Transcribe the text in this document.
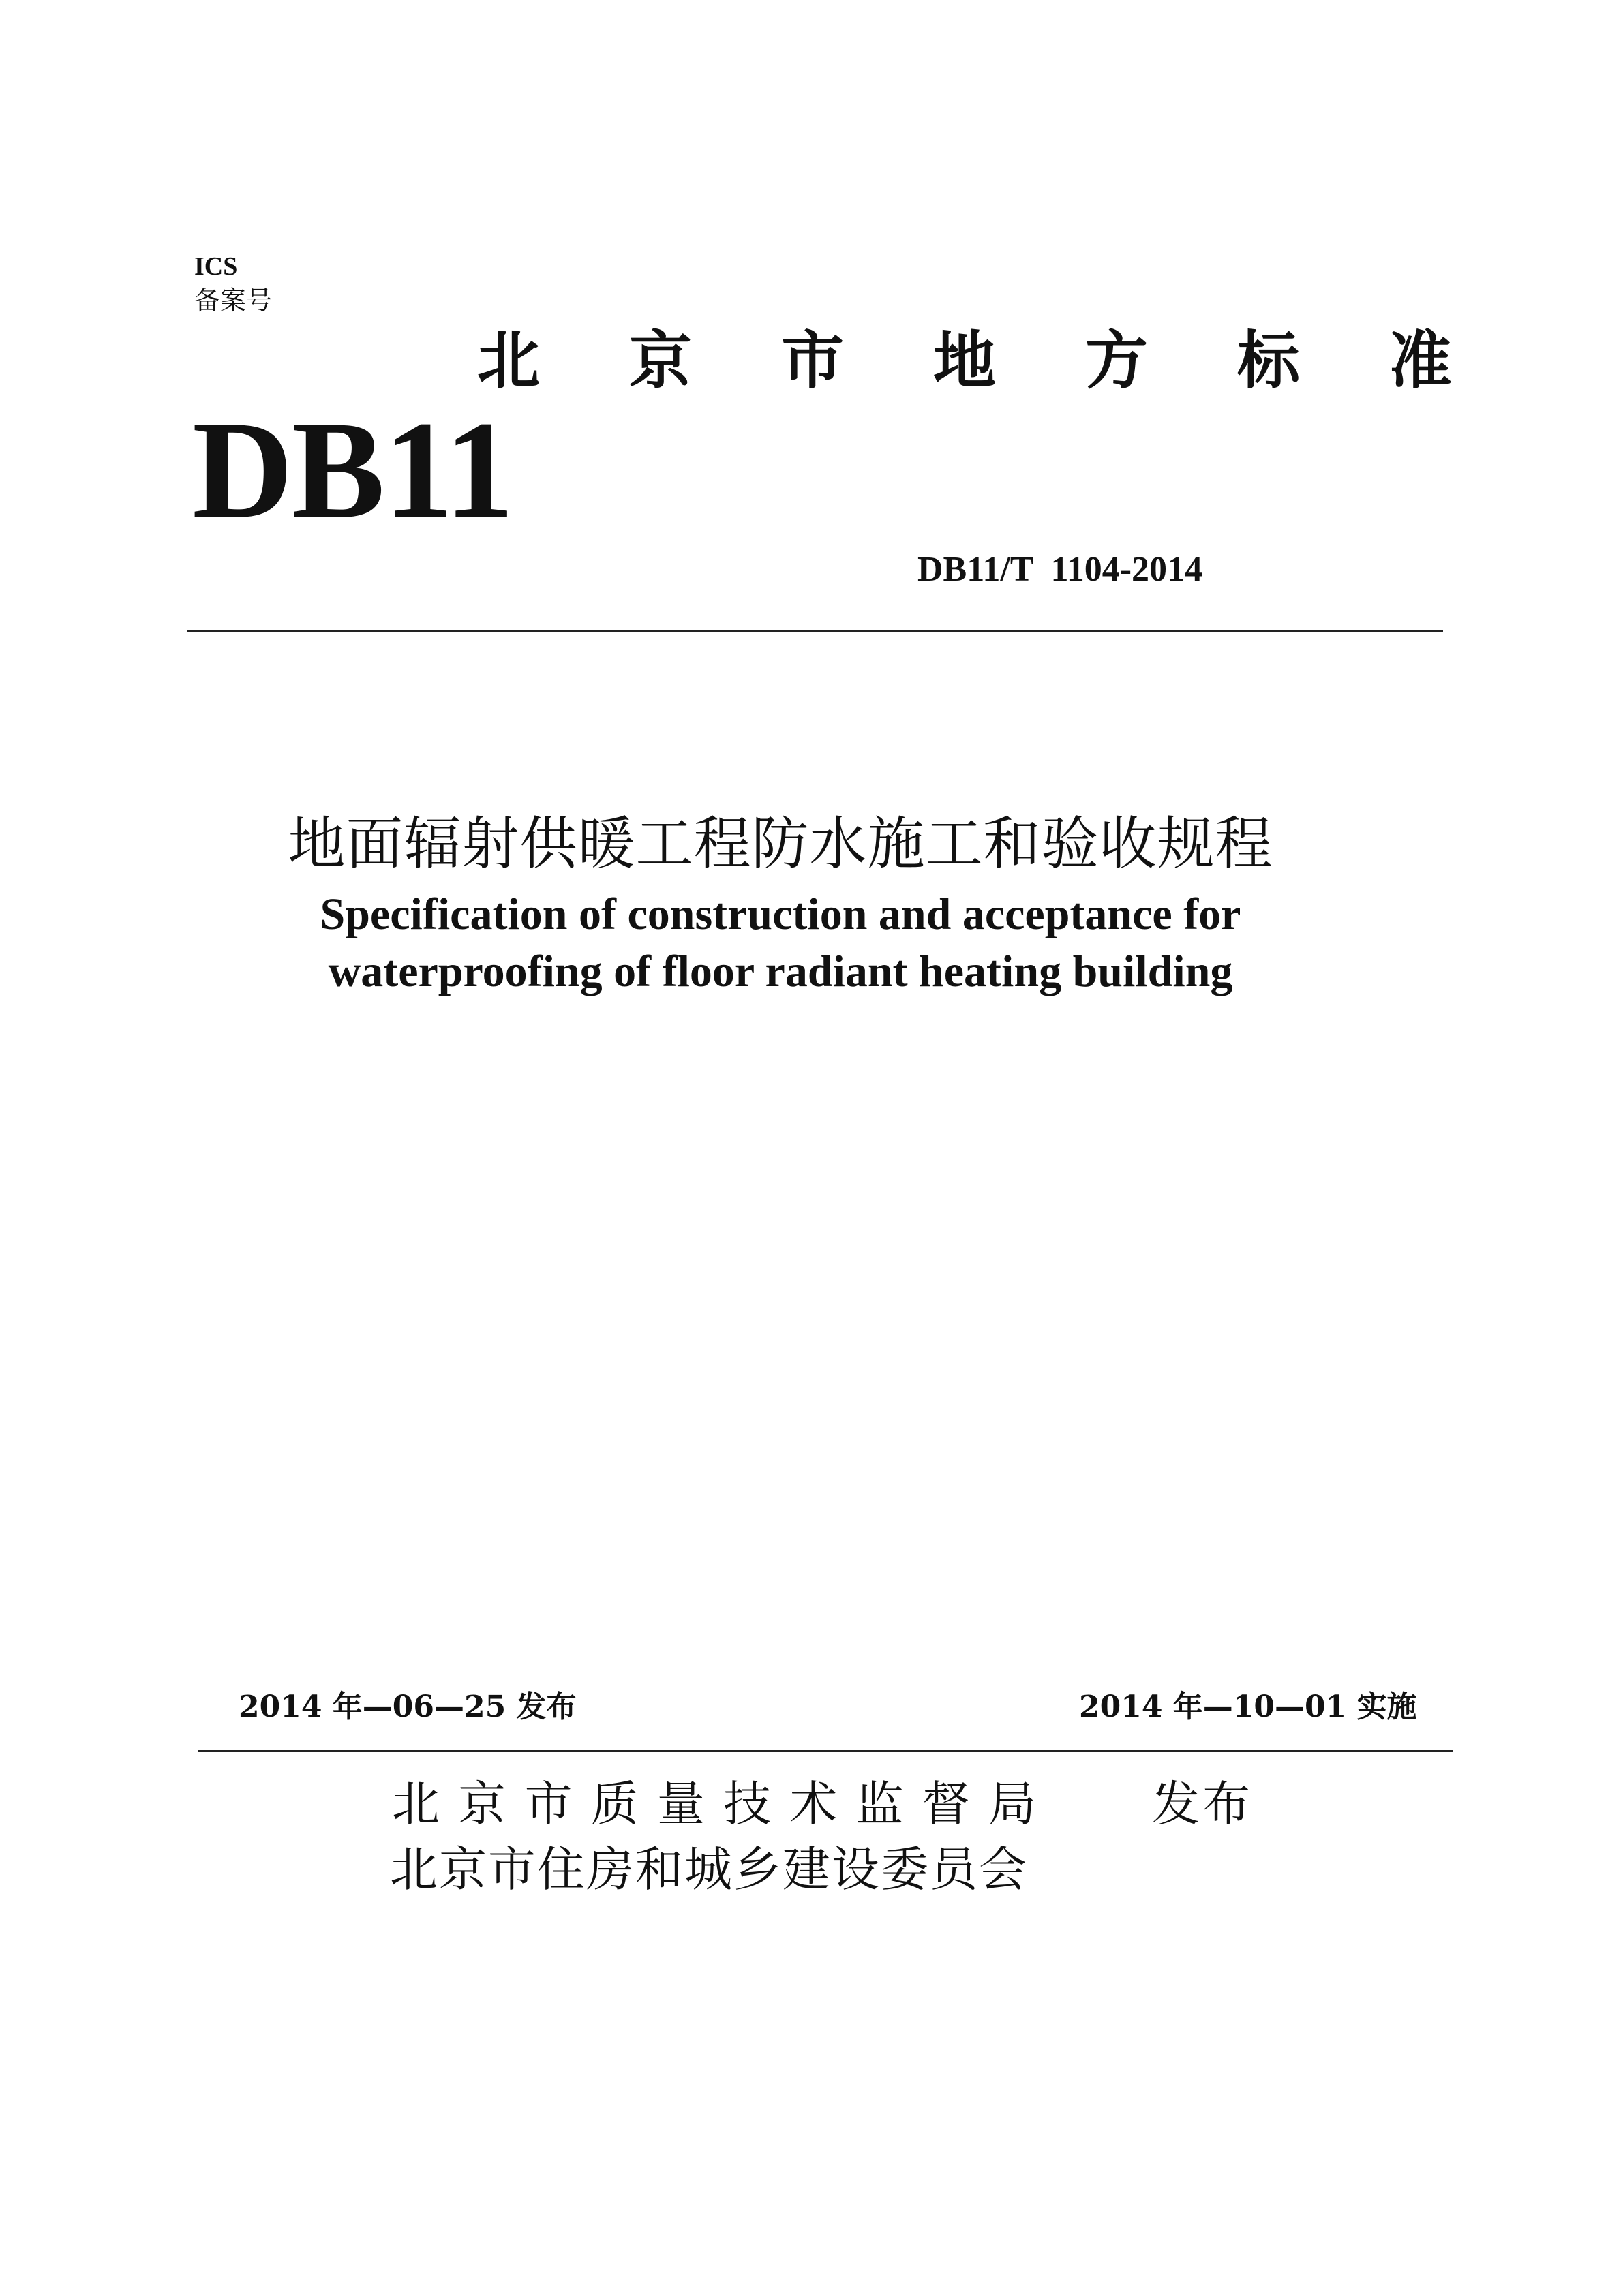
ICS
备案号
北 京 市 地 方 标 准
DB11
DB11/T  1104-2014
地面辐射供暖工程防水施工和验收规程
Specification of construction and acceptance for
waterproofing of floor radiant heating building
2014 年—06—25 发布	2014 年—10—01 实施
北 京 市 质 量 技 术 监 督 局 发布
北京市住房和城乡建设委员会
